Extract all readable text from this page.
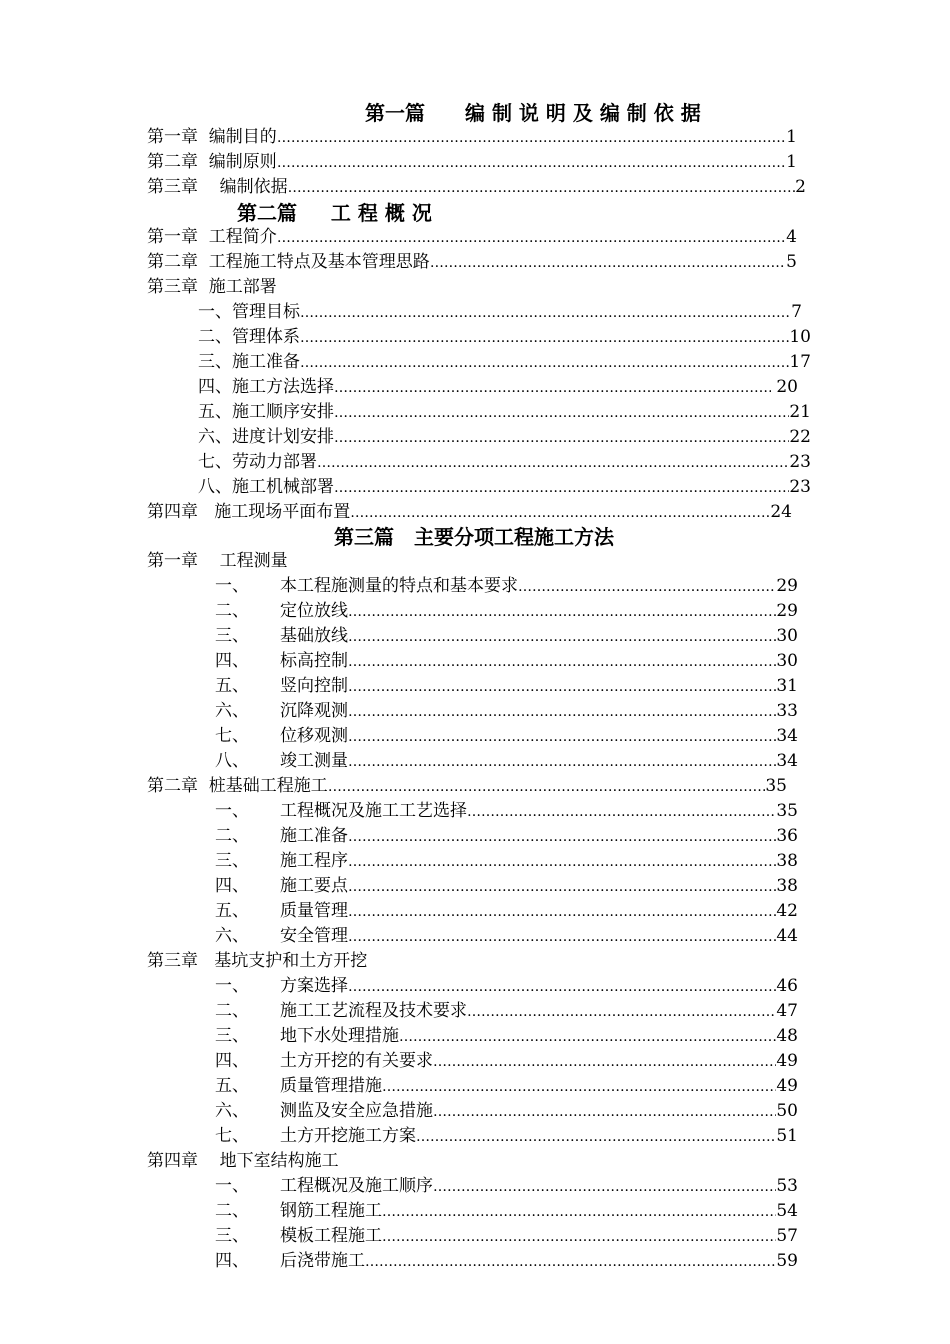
第一篇　　编 制 说 明 及 编 制 依 据
第一章  编制目的 ……………………………………………………………………………………………………………………………………………………………………………………	1
第二章  编制原则 ……………………………………………………………………………………………………………………………………………………………………………………	1
第三章    编制依据 ……………………………………………………………………………………………………………………………………………………………………………………	2
第二篇　  工 程 概 况
第一章  工程简介 ……………………………………………………………………………………………………………………………………………………………………………………	4
第二章  工程施工特点及基本管理思路 ……………………………………………………………………………………………………………………………………………………………………………………	5
第三章  施工部署
一、管理目标 ……………………………………………………………………………………………………………………………………………………………………………………	7
二、管理体系 ……………………………………………………………………………………………………………………………………………………………………………………	10
三、施工准备 ……………………………………………………………………………………………………………………………………………………………………………………	17
四、施工方法选择 ……………………………………………………………………………………………………………………………………………………………………………………	20
五、施工顺序安排 ……………………………………………………………………………………………………………………………………………………………………………………	21
六、进度计划安排 ……………………………………………………………………………………………………………………………………………………………………………………	22
七、劳动力部署 ……………………………………………………………………………………………………………………………………………………………………………………	23
八、施工机械部署 ……………………………………………………………………………………………………………………………………………………………………………………	23
第四章   施工现场平面布置 ……………………………………………………………………………………………………………………………………………………………………………………	24
第三篇　主要分项工程施工方法
第一章    工程测量
一、	本工程施测量的特点和基本要求 ……………………………………………………………………………………………………………………………………………………………………………………	29
二、	定位放线 ……………………………………………………………………………………………………………………………………………………………………………………	29
三、	基础放线 ……………………………………………………………………………………………………………………………………………………………………………………	30
四、	标高控制 ……………………………………………………………………………………………………………………………………………………………………………………	30
五、	竖向控制 ……………………………………………………………………………………………………………………………………………………………………………………	31
六、	沉降观测 ……………………………………………………………………………………………………………………………………………………………………………………	33
七、	位移观测 ……………………………………………………………………………………………………………………………………………………………………………………	34
八、	竣工测量 ……………………………………………………………………………………………………………………………………………………………………………………	34
第二章  桩基础工程施工 ……………………………………………………………………………………………………………………………………………………………………………………	35
一、	工程概况及施工工艺选择 ……………………………………………………………………………………………………………………………………………………………………………………	35
二、	施工准备 ……………………………………………………………………………………………………………………………………………………………………………………	36
三、	施工程序 ……………………………………………………………………………………………………………………………………………………………………………………	38
四、	施工要点 ……………………………………………………………………………………………………………………………………………………………………………………	38
五、	质量管理 ……………………………………………………………………………………………………………………………………………………………………………………	42
六、	安全管理 ……………………………………………………………………………………………………………………………………………………………………………………	44
第三章   基坑支护和土方开挖
一、	方案选择 ……………………………………………………………………………………………………………………………………………………………………………………	46
二、	施工工艺流程及技术要求 ……………………………………………………………………………………………………………………………………………………………………………………	47
三、	地下水处理措施 ……………………………………………………………………………………………………………………………………………………………………………………	48
四、	土方开挖的有关要求 ……………………………………………………………………………………………………………………………………………………………………………………	49
五、	质量管理措施 ……………………………………………………………………………………………………………………………………………………………………………………	49
六、	测监及安全应急措施 ……………………………………………………………………………………………………………………………………………………………………………………	50
七、	土方开挖施工方案 ……………………………………………………………………………………………………………………………………………………………………………………	51
第四章    地下室结构施工
一、	工程概况及施工顺序 ……………………………………………………………………………………………………………………………………………………………………………………	53
二、	钢筋工程施工 ……………………………………………………………………………………………………………………………………………………………………………………	54
三、	模板工程施工 ……………………………………………………………………………………………………………………………………………………………………………………	57
四、	后浇带施工 ……………………………………………………………………………………………………………………………………………………………………………………	59
